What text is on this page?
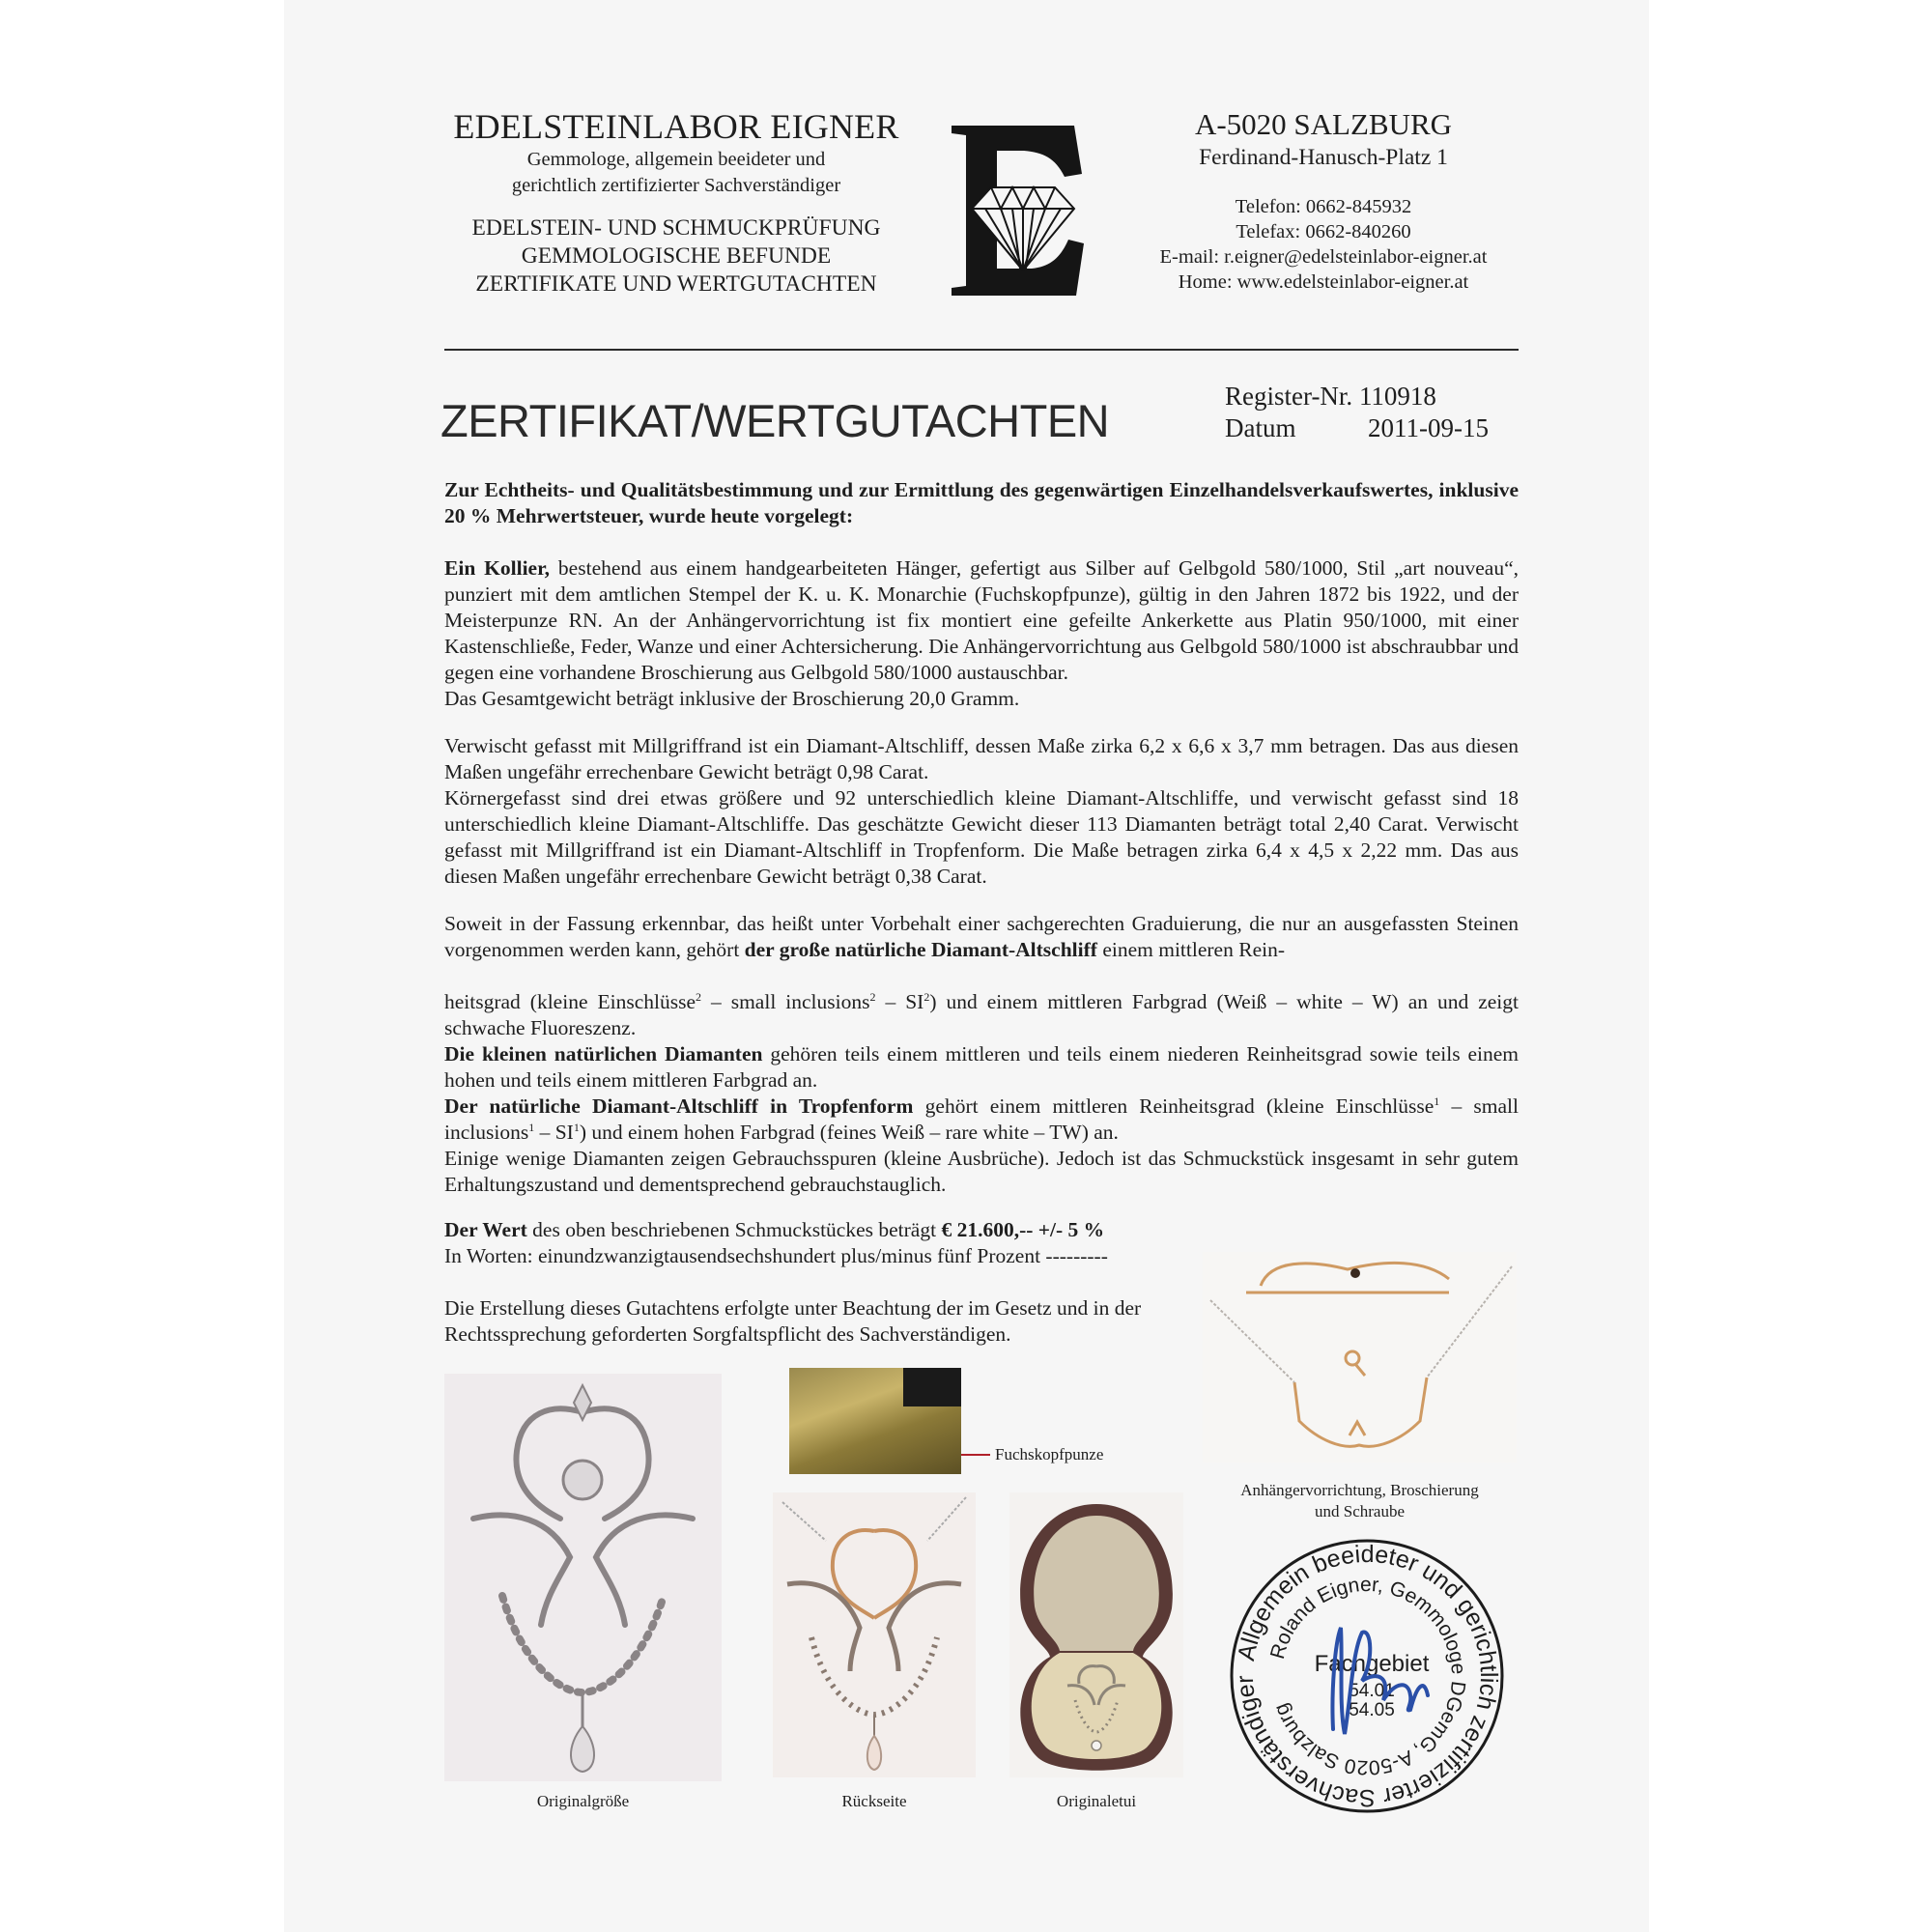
EDELSTEINLABOR EIGNER
Gemmologe, allgemein beeideter und
gerichtlich zertifizierter Sachverständiger
EDELSTEIN- UND SCHMUCKPRÜFUNG
GEMMOLOGISCHE BEFUNDE
ZERTIFIKATE UND WERTGUTACHTEN
A-5020 SALZBURG
Ferdinand-Hanusch-Platz 1
Telefon: 0662-845932
Telefax: 0662-840260
E-mail: r.eigner@edelsteinlabor-eigner.at
Home: www.edelsteinlabor-eigner.at
ZERTIFIKAT/WERTGUTACHTEN	Register-Nr.
110918
Datum	2011-09-15

Zur Echtheits- und Qualitätsbestimmung und zur Ermittlung des gegenwärtigen Einzelhandelsverkaufswertes, inklusive 20 % Mehrwertsteuer, wurde heute vorgelegt:

Ein Kollier, bestehend aus einem handgearbeiteten Hänger, gefertigt aus Silber auf Gelbgold 580/1000, Stil „art nouveau“, punziert mit dem amtlichen Stempel der K. u. K. Monarchie (Fuchskopfpunze), gültig in den Jahren 1872 bis 1922, und der Meisterpunze RN. An der Anhängervorrichtung ist fix montiert eine gefeilte Ankerkette aus Platin 950/1000, mit einer Kastenschließe, Feder, Wanze und einer Achtersicherung. Die Anhängervorrichtung aus Gelbgold 580/1000 ist abschraubbar und gegen eine vorhandene Broschierung aus Gelbgold 580/1000 austauschbar.

Das Gesamtgewicht beträgt inklusive der Broschierung 20,0 Gramm.

Verwischt gefasst mit Millgriffrand ist ein Diamant-Altschliff, dessen Maße zirka 6,2 x 6,6 x 3,7 mm betragen. Das aus diesen Maßen ungefähr errechenbare Gewicht beträgt 0,98 Carat.

Körnergefasst sind drei etwas größere und 92 unterschiedlich kleine Diamant-Altschliffe, und verwischt gefasst sind 18 unterschiedlich kleine Diamant-Altschliffe. Das geschätzte Gewicht dieser 113 Diamanten beträgt total 2,40 Carat. Verwischt gefasst mit Millgriffrand ist ein Diamant-Altschliff in Tropfenform. Die Maße betragen zirka 6,4 x 4,5 x 2,22 mm. Das aus diesen Maßen ungefähr errechenbare Gewicht beträgt 0,38 Carat.

Soweit in der Fassung erkennbar, das heißt unter Vorbehalt einer sachgerechten Graduierung, die nur an ausgefassten Steinen vorgenommen werden kann, gehört der große natürliche Diamant-Altschliff einem mittleren Rein-

heitsgrad (kleine Einschlüsse$^2$ – small inclusions$^2$ – $SI^2$) und einem mittleren Farbgrad (Weiß – white – W) an und zeigt schwache Fluoreszenz.

Die kleinen natürlichen Diamanten gehören teils einem mittleren und teils einem niederen Reinheitsgrad sowie teils einem hohen und teils einem mittleren Farbgrad an.

Der natürliche Diamant-Altschliff in Tropfenform gehört einem mittleren Reinheitsgrad (kleine Einschlüsse$^1$ – small inclusions$^1$ – $SI^1$) und einem hohen Farbgrad (feines Weiß – rare white – TW) an.

Einige wenige Diamanten zeigen Gebrauchsspuren (kleine Ausbrüche). Jedoch ist das Schmuckstück insgesamt in sehr gutem Erhaltungszustand und dementsprechend gebrauchstauglich.

Der Wert des oben beschriebenen Schmuckstückes beträgt € 21.600,-- +/- 5 %

In Worten: einundzwanzigtausendsechshundert plus/minus fünf Prozent ---------

Die Erstellung dieses Gutachtens erfolgte unter Beachtung der im Gesetz und in der Rechtssprechung geforderten Sorgfaltspflicht des Sachverständigen.

Originalgröße
Fuchskopfpunze
Rückseite	Originaletui
Anhängervorrichtung, Broschierung
und Schraube
Allgemein beeideter und gerichtlich zertifizierter Sachverständiger
Roland Eigner, Gemmologe DGemG, A-5020 Salzburg
Fachgebiet
54.01
54.05
